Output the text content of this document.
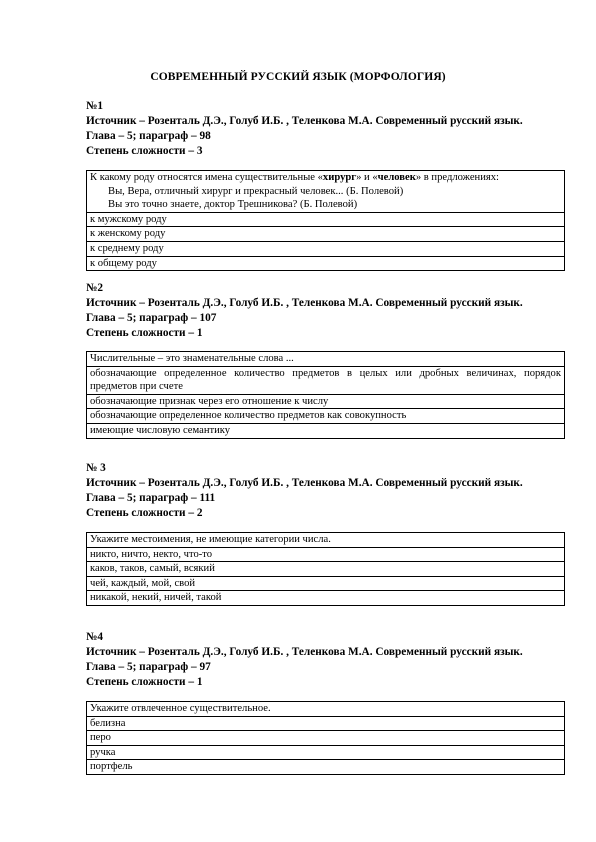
СОВРЕМЕННЫЙ РУССКИЙ ЯЗЫК (МОРФОЛОГИЯ)
№1
Источник – Розенталь Д.Э., Голуб И.Б. , Теленкова М.А. Современный русский язык.
Глава – 5; параграф – 98
Степень сложности – 3
К какому роду относятся имена существительные «хирург» и «человек» в предложениях:
Вы, Вера, отличный хирург и прекрасный человек... (Б. Полевой)
Вы это точно знаете, доктор Трешникова? (Б. Полевой)

к мужскому роду
к женскому роду
к среднему роду
к общему роду
№2
Источник – Розенталь Д.Э., Голуб И.Б. , Теленкова М.А. Современный русский язык.
Глава – 5; параграф – 107
Степень сложности – 1
Числительные – это знаменательные слова ...
обозначающие определенное количество предметов в целых или дробных величинах, порядок предметов при счете
обозначающие признак через его отношение к числу
обозначающие определенное количество предметов как совокупность
имеющие числовую семантику
№ 3
Источник – Розенталь Д.Э., Голуб И.Б. , Теленкова М.А. Современный русский язык.
Глава – 5; параграф – 111
Степень сложности – 2
Укажите местоимения, не имеющие категории числа.
никто, ничто, некто, что-то
каков, таков, самый, всякий
чей, каждый, мой, свой
никакой, некий, ничей, такой
№4
Источник – Розенталь Д.Э., Голуб И.Б. , Теленкова М.А. Современный русский язык.
Глава – 5; параграф – 97
Степень сложности – 1
Укажите отвлеченное существительное.
белизна
перо
ручка
портфель
